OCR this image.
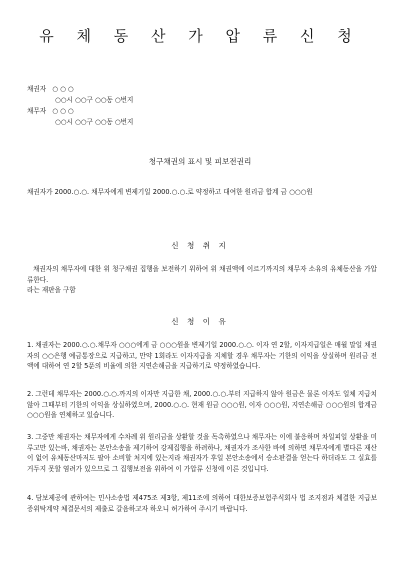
유 체 동 산 가 압 류 신 청
채권자 ○ ○ ○
○○시 ○○구 ○○동 ○번지
채무자 ○ ○ ○
○○시 ○○구 ○○동 ○번지
청구채권의 표시 및 피보전권리
채권자가 2000.○.○. 채무자에게 변제기일 2000.○.○.로 약정하고 대여한 원리금 합계 금 ○○○원
신 청 취 지

채권자의 채무자에 대한 위 청구채권 집행을 보전하기 위하여 위 채권액에 이르기까지의 채무자 소유의 유체동산을 가압류한다.

라는 재판을 구함

신 청 이 유
1. 채권자는 2000.○.○.채무자 ○○○에게 금 ○○○원을 변제기일 2000.○.○. 이자 연 2할, 이자지급일은 매월 말일 채권자의 ○○은행 예금통장으로 지급하고, 만약 1회라도 이자지급을 지체할 경우 채무자는 기한의 이익을 상실하며 원리금 전액에 대하여 연 2할 5푼의 비율에 의한 지연손해금을 지급하기로 약정하였습니다.
2. 그런데 채무자는 2000.○.○.까지의 이자만 지급한 채, 2000.○.○.부터 지급하지 않아 원금은 물론 이자도 일체 지급치 않아 그때부터 기한의 이익을 상실하였으며, 2000.○.○. 현재 원금 ○○○원, 이자 ○○○원, 지연손해금 ○○○원의 합계금 ○○○원을 연체하고 있습니다.
3. 그중만 채권자는 채무자에게 수차례 위 원리금을 상환할 것을 독촉하였으나 채무자는 이에 불응하며 차일피일 상환을 미루고만 있는바, 채권자는 본안소송을 제기하여 강제집행을 하려하나, 채권자가 조사한 바에 의하면 채무자에게 별다른 재산이 없어 유체동산마저도 팔아 소비할 처지에 있는지라 채권자가 후일 본안소송에서 승소판결을 얻는다 하더라도 그 실효를 거두지 못할 염려가 있으므로 그 집행보전을 위하여 이 가압류 신청에 이른 것입니다.
4. 담보제공에 관하여는 민사소송법 제475조 제3항, 제11조에 의하여 대한보증보험주식회사 법 조지점과 체결한 지급보증위탁계약 체결문서의 제출로 갈음하고자 하오니 허가하여 주시기 바랍니다.
